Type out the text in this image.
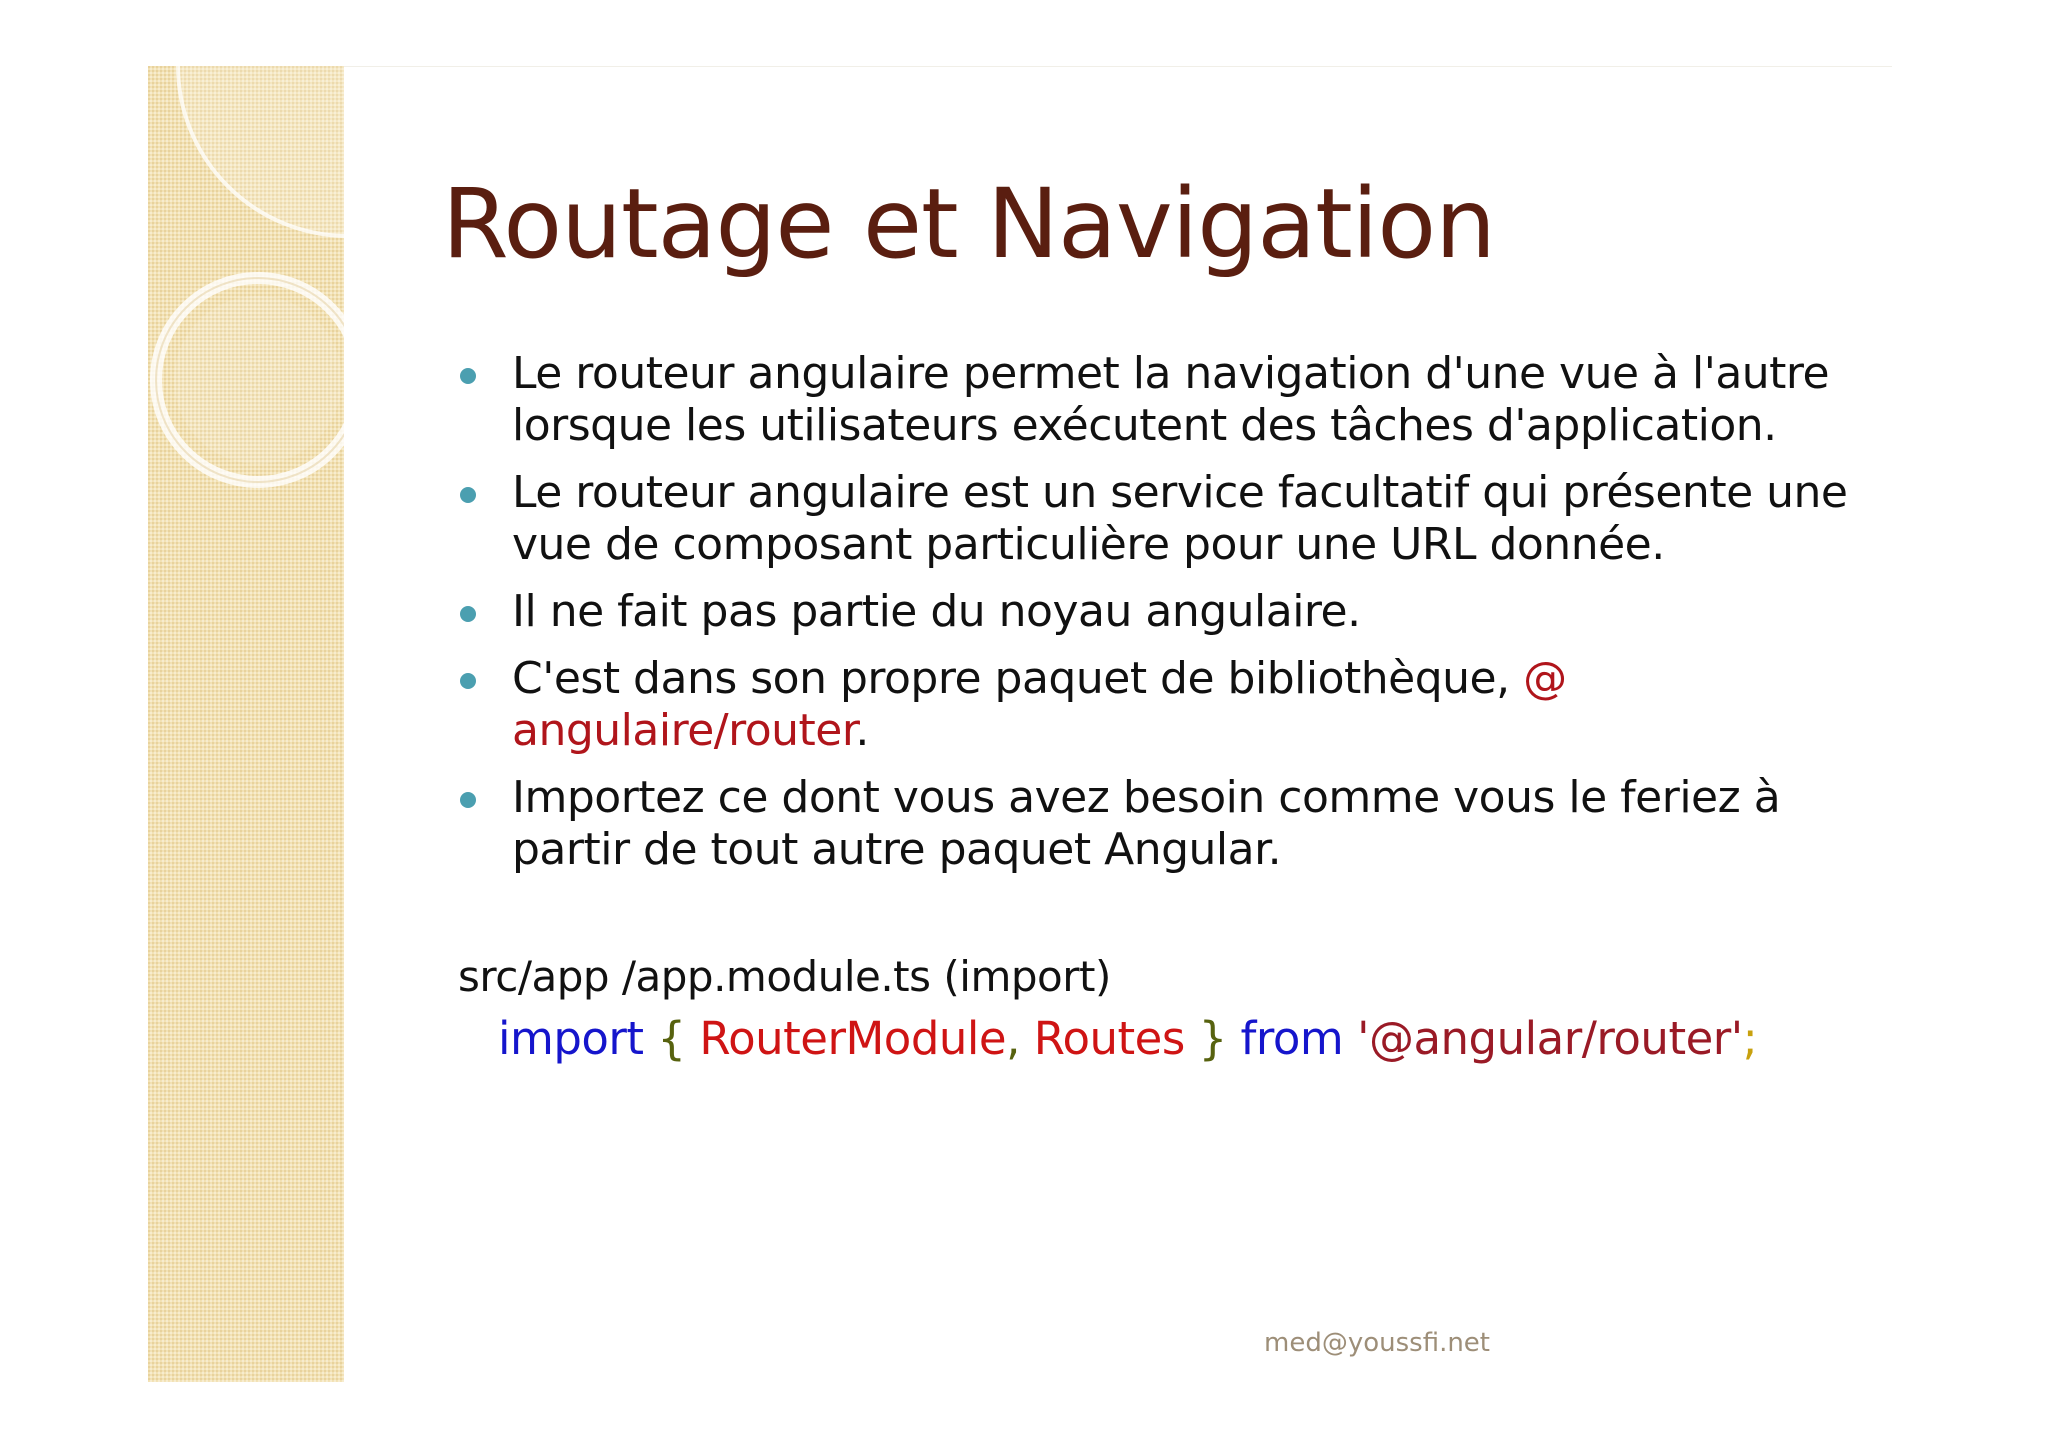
Routage et Navigation
Le routeur angulaire permet la navigation d'une vue à l'autre lorsque les utilisateurs exécutent des tâches d'application.
Le routeur angulaire est un service facultatif qui présente une vue de composant particulière pour une URL donnée.
Il ne fait pas partie du noyau angulaire.
C'est dans son propre paquet de bibliothèque, @ angulaire/router.
Importez ce dont vous avez besoin comme vous le feriez à partir de tout autre paquet Angular.
src/app /app.module.ts (import)
import { RouterModule, Routes } from '@angular/router';
med@youssfi.net
